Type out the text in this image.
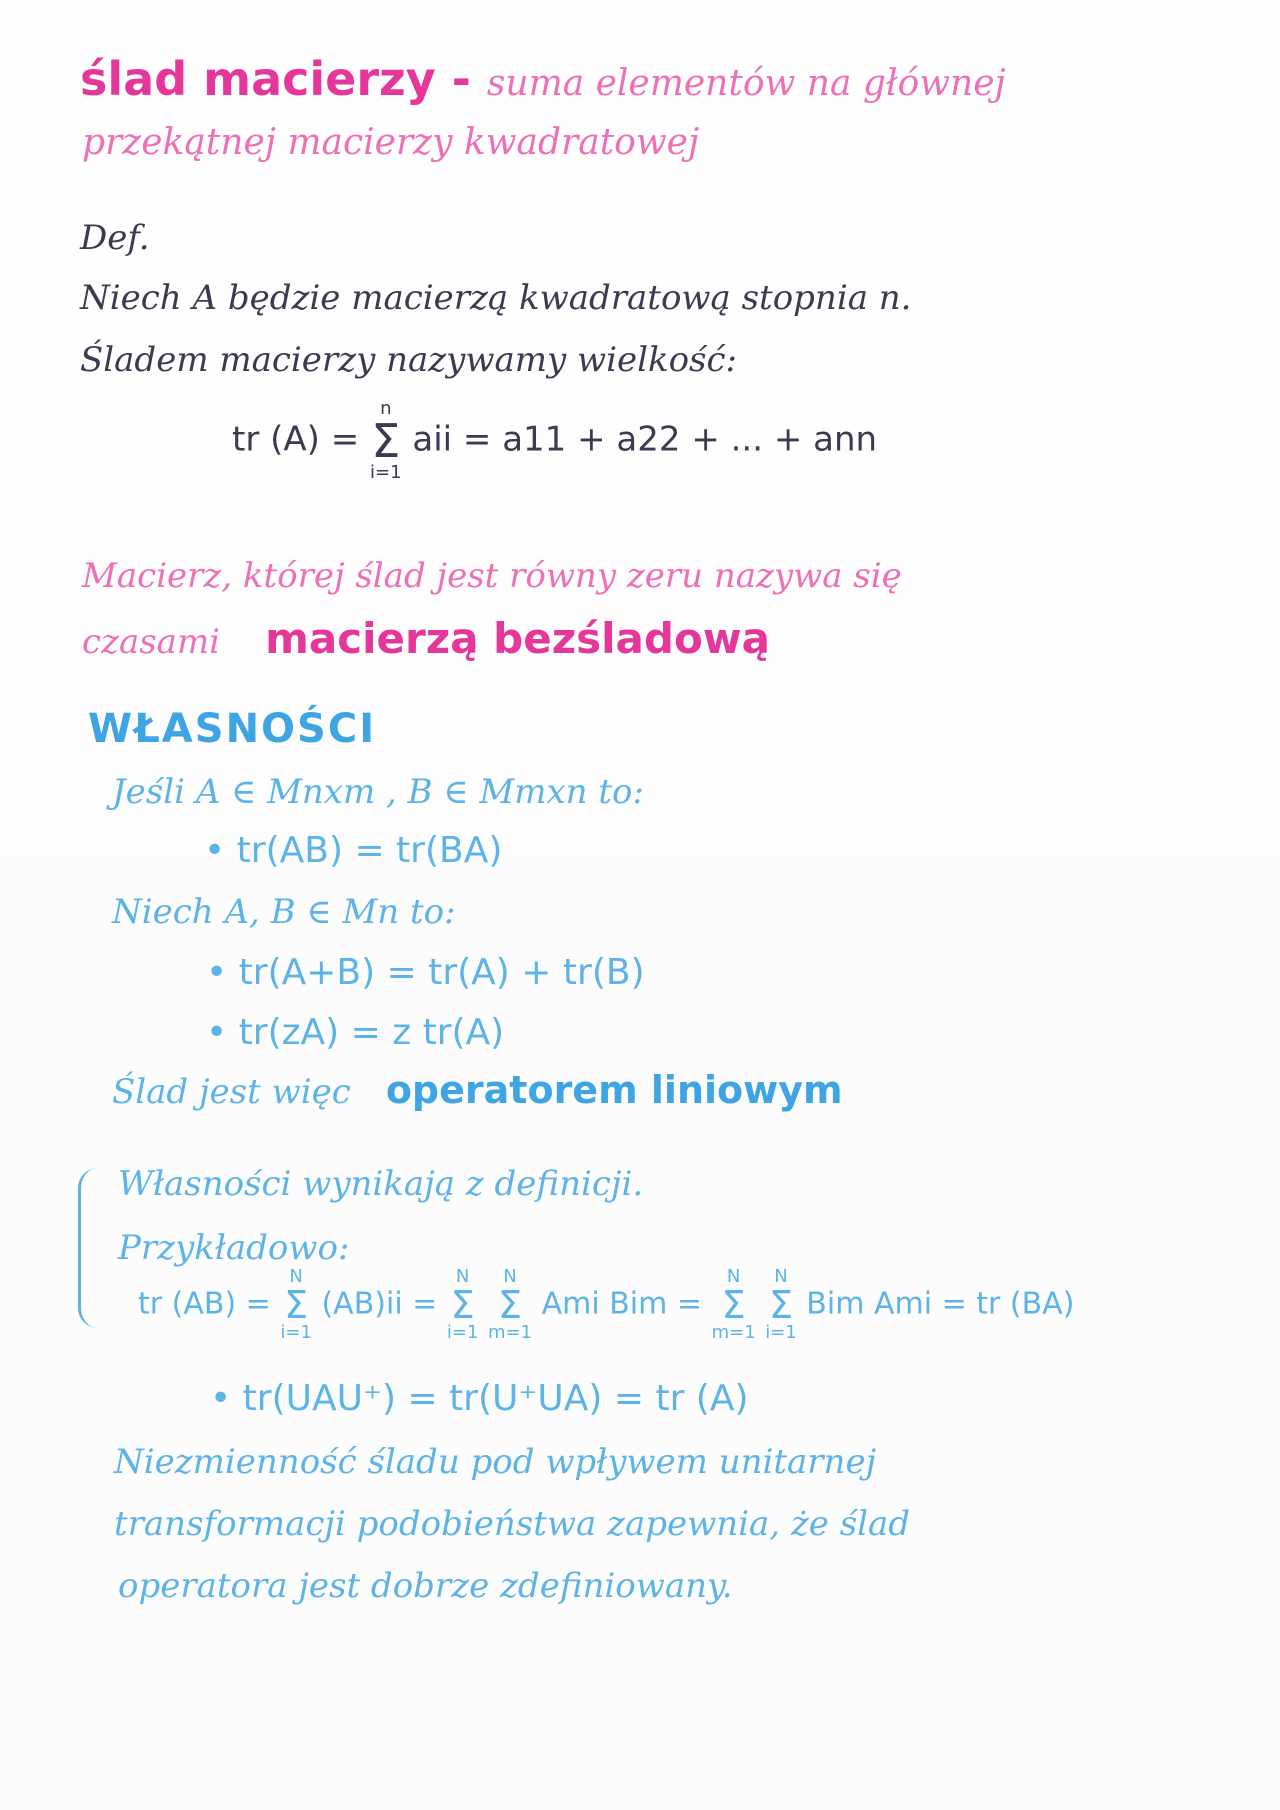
ślad macierzy - suma elementów na głównej
przekątnej macierzy kwadratowej
Def.
Niech A będzie macierzą kwadratową stopnia n.
Śladem macierzy nazywamy wielkość:
tr (A) =
n
Σ
i=1
aii = a11 + a22 + ... + ann
Macierz, której ślad jest równy zeru nazywa się
czasami macierzą bezśladową
WŁASNOŚCI
Jeśli A ∈ Mnxm , B ∈ Mmxn to:
• tr(AB) = tr(BA)
Niech A, B ∈ Mn to:
• tr(A+B) = tr(A) + tr(B)
• tr(zA) = z tr(A)
Ślad jest więc operatorem liniowym
Własności wynikają z definicji.
Przykładowo:
tr (AB) =
N
Σ
i=1
(AB)ii =
N
Σ
i=1

N
Σ
m=1
Ami Bim =
N
Σ
m=1

N
Σ
i=1
Bim Ami = tr (BA)
• tr(UAU⁺) = tr(U⁺UA) = tr (A)
Niezmienność śladu pod wpływem unitarnej
transformacji podobieństwa zapewnia, że ślad
operatora jest dobrze zdefiniowany.
